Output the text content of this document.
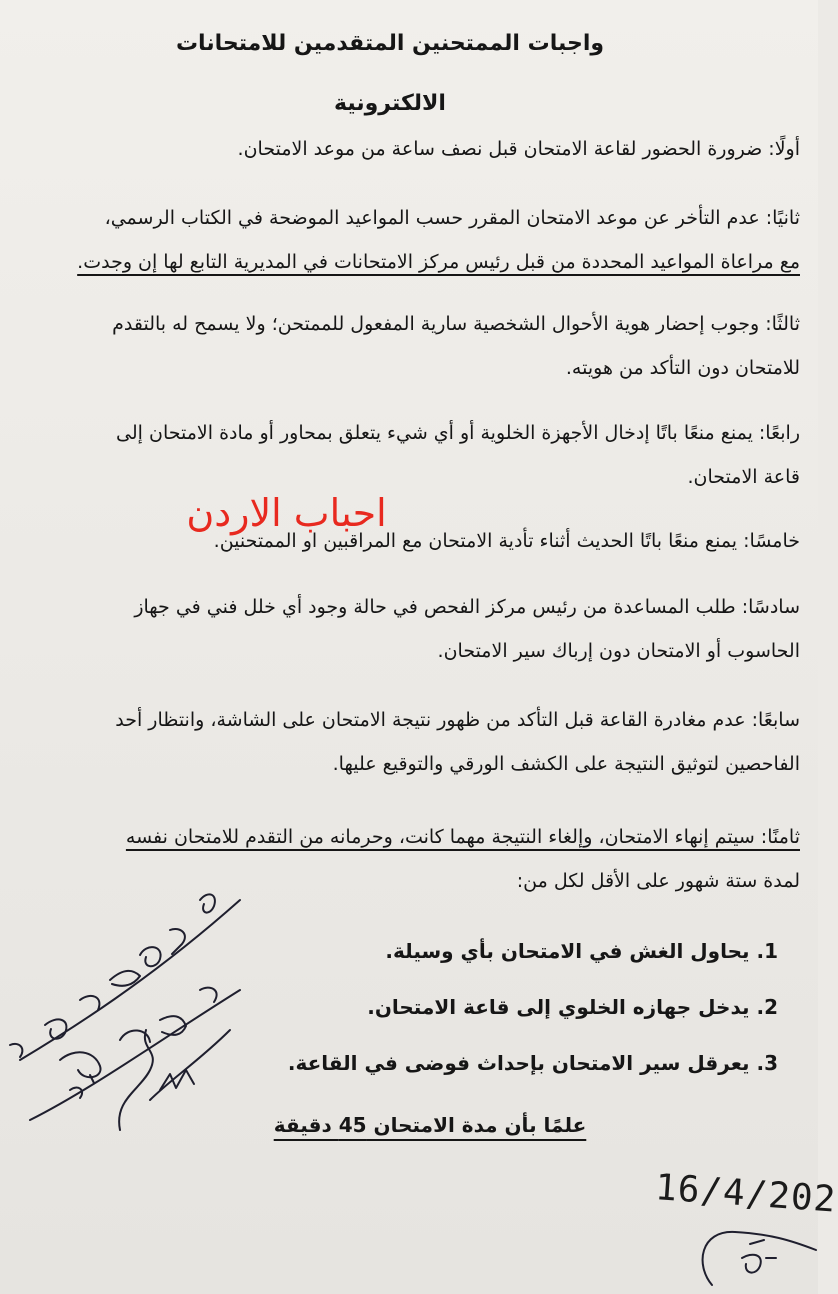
واجبات الممتحنين المتقدمين للامتحانات الالكترونية
أولًا: ضرورة الحضور لقاعة الامتحان قبل نصف ساعة من موعد الامتحان.
ثانيًا: عدم التأخر عن موعد الامتحان المقرر حسب المواعيد الموضحة في الكتاب الرسمي،
مع مراعاة المواعيد المحددة من قبل رئيس مركز الامتحانات في المديرية التابع لها إن وجدت.
ثالثًا: وجوب إحضار هوية الأحوال الشخصية سارية المفعول للممتحن؛ ولا يسمح له بالتقدم
للامتحان دون التأكد من هويته.
رابعًا: يمنع منعًا باتًا إدخال الأجهزة الخلوية أو أي شيء يتعلق بمحاور أو مادة الامتحان إلى
قاعة الامتحان.
احباب الاردن
خامسًا: يمنع منعًا باتًا الحديث أثناء تأدية الامتحان مع المراقبين او الممتحنين.
سادسًا: طلب المساعدة من رئيس مركز الفحص في حالة وجود أي خلل فني في جهاز
الحاسوب أو الامتحان دون إرباك سير الامتحان.
سابعًا: عدم مغادرة القاعة قبل التأكد من ظهور نتيجة الامتحان على الشاشة، وانتظار أحد
الفاحصين لتوثيق النتيجة على الكشف الورقي والتوقيع عليها.
ثامنًا: سيتم إنهاء الامتحان، وإلغاء النتيجة مهما كانت، وحرمانه من التقدم للامتحان نفسه
لمدة ستة شهور على الأقل لكل من:
1. يحاول الغش في الامتحان بأي وسيلة.
2. يدخل جهازه الخلوي إلى قاعة الامتحان.
3. يعرقل سير الامتحان بإحداث فوضى في القاعة.
علمًا بأن مدة الامتحان 45 دقيقة
16/4/202
